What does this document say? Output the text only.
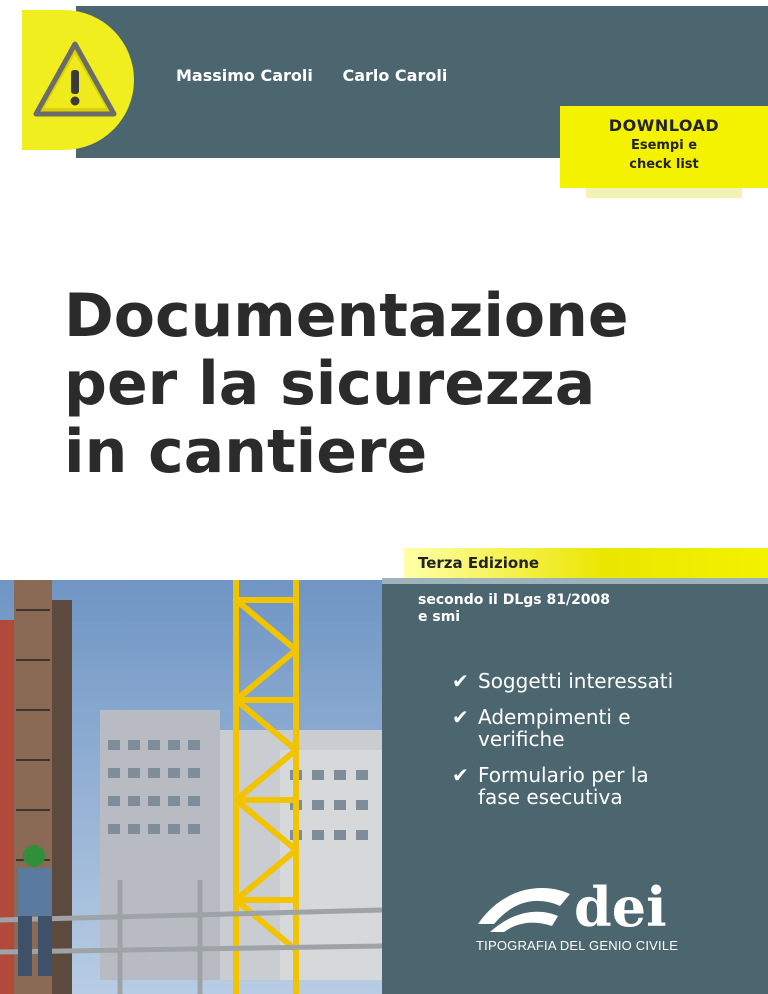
Massimo Caroli Carlo Caroli
DOWNLOAD
Esempi e
check list
Documentazione
per la sicurezza
in cantiere
Terza Edizione
secondo il DLgs 81/2008
e smi
✔ Soggetti interessati
✔ Adempimenti e
verifiche
✔ Formulario per la
fase esecutiva
dei
TIPOGRAFIA DEL GENIO CIVILE
